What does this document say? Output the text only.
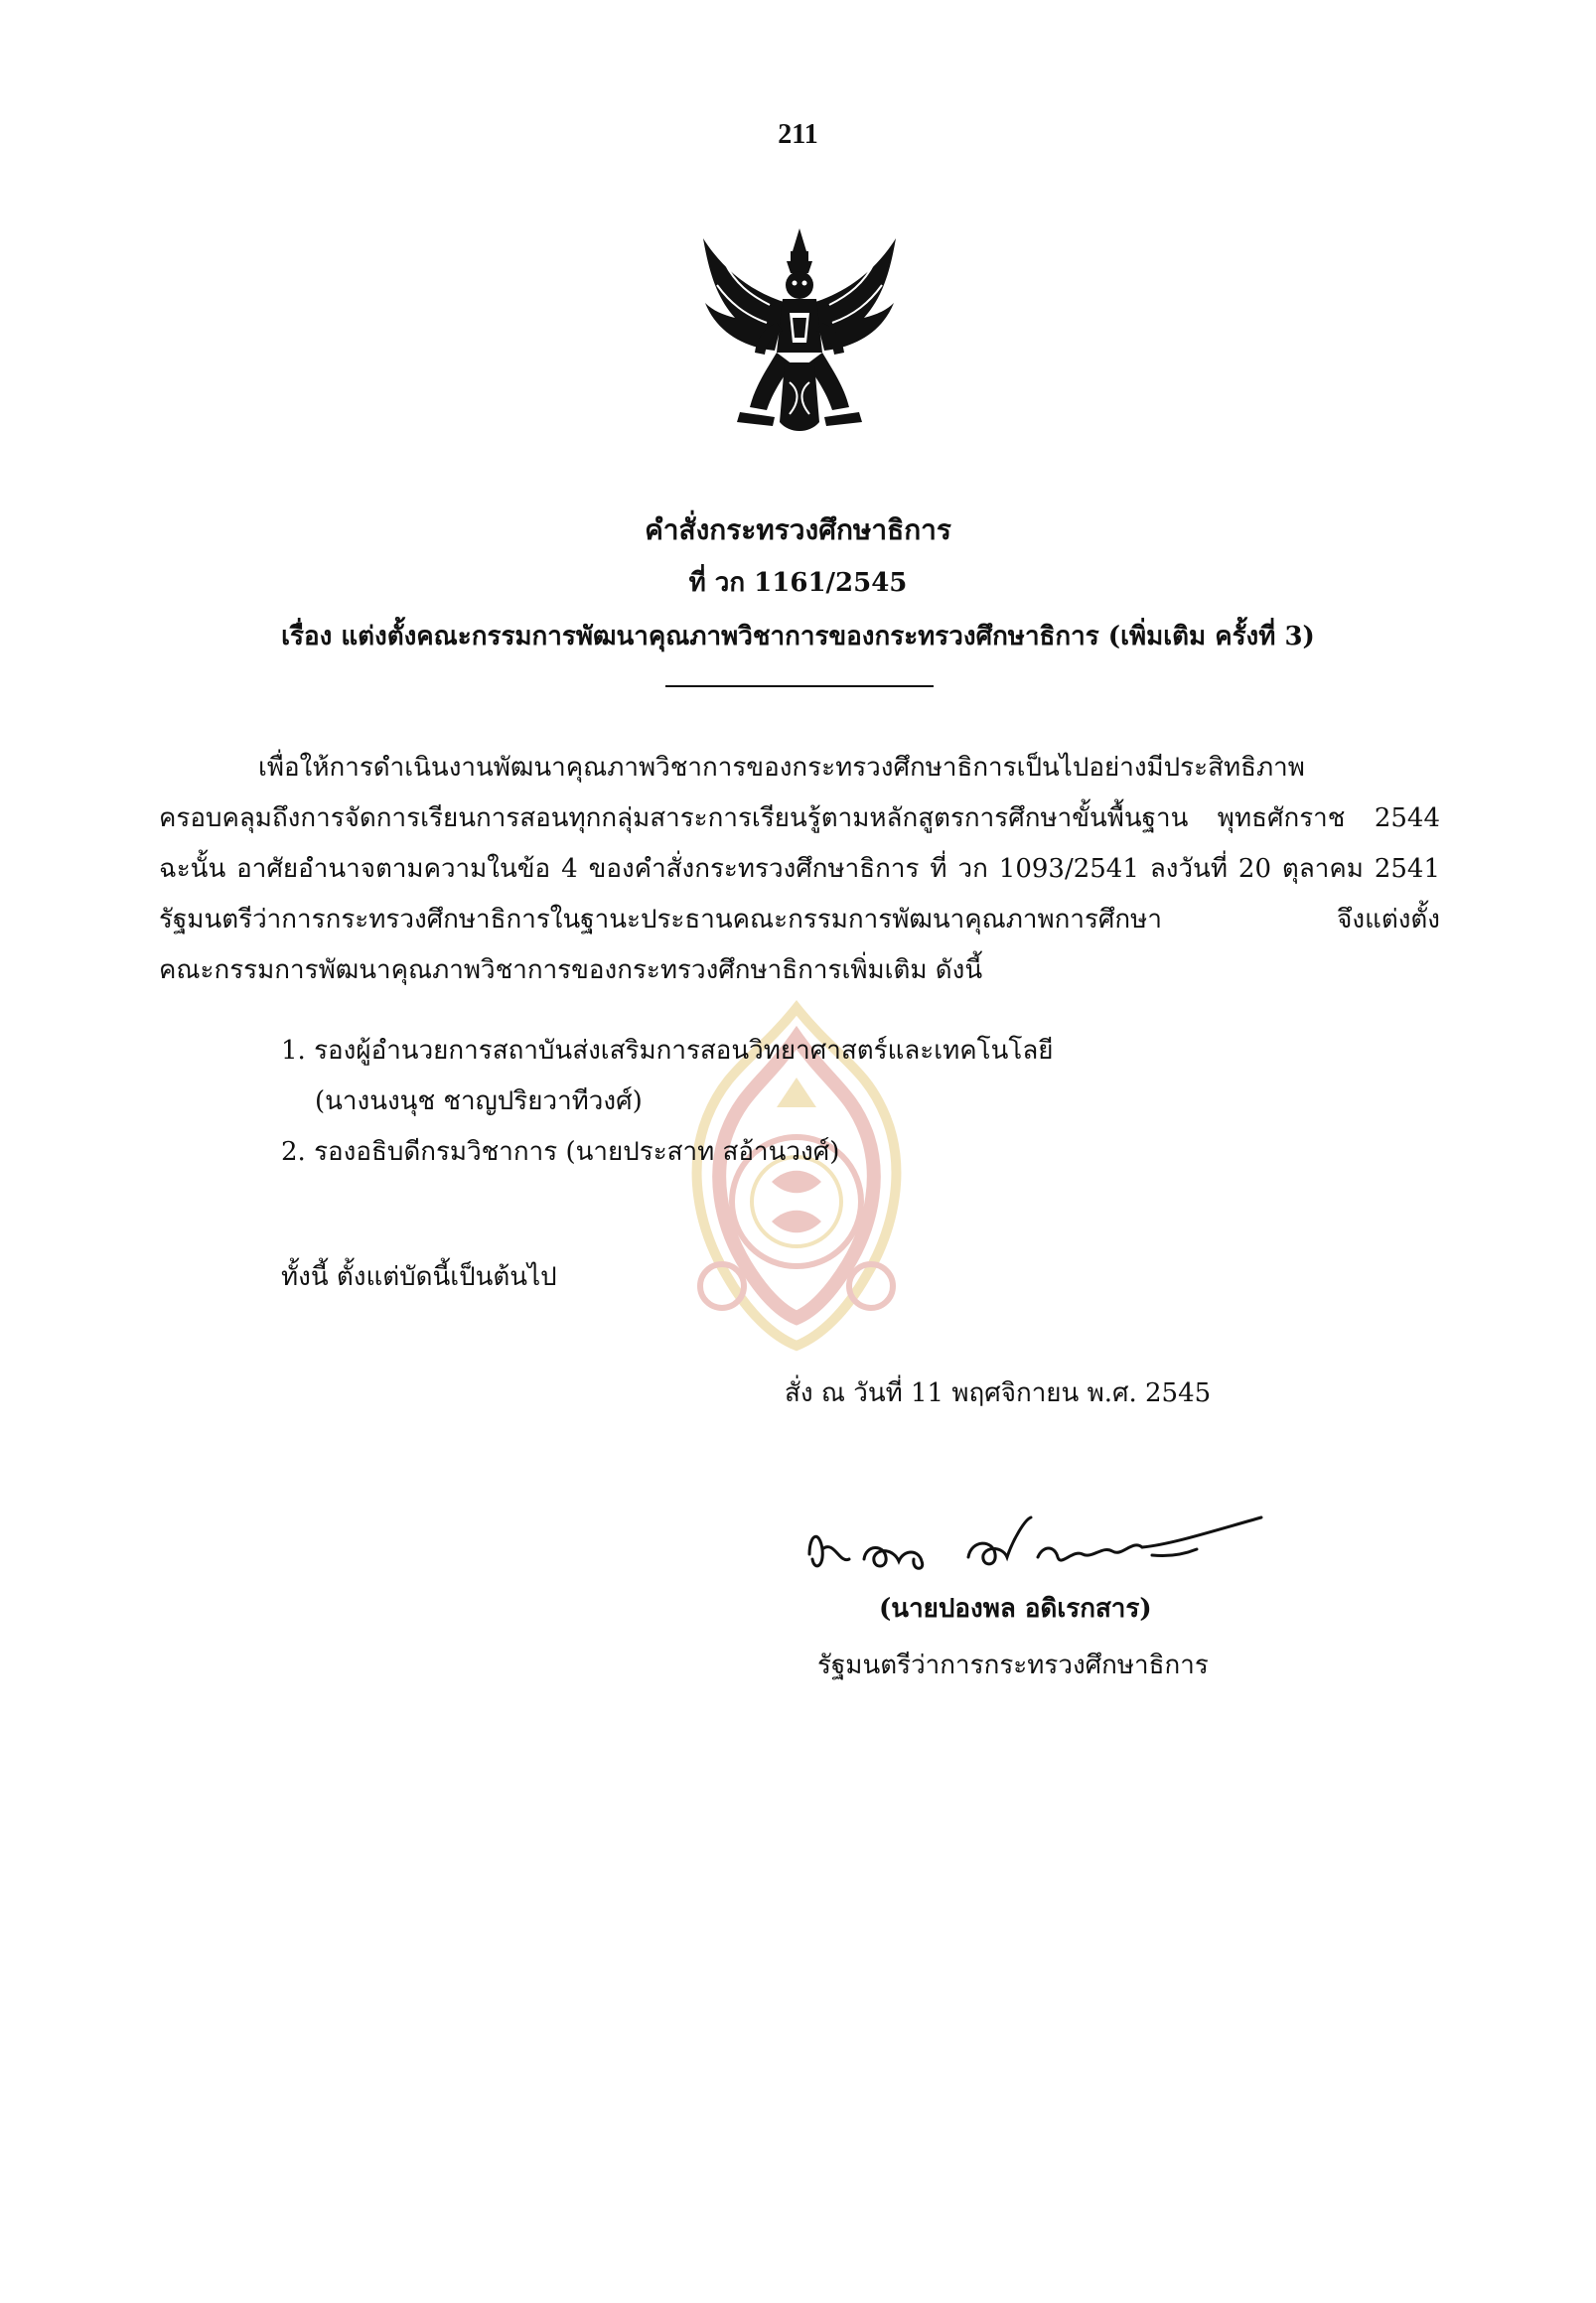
211
คำสั่งกระทรวงศึกษาธิการ
ที่ วก 1161/2545
เรื่อง แต่งตั้งคณะกรรมการพัฒนาคุณภาพวิชาการของกระทรวงศึกษาธิการ (เพิ่มเติม ครั้งที่ 3)
เพื่อให้การดำเนินงานพัฒนาคุณภาพวิชาการของกระทรวงศึกษาธิการเป็นไปอย่างมีประสิทธิภาพ
ครอบคลุมถึงการจัดการเรียนการสอนทุกกลุ่มสาระการเรียนรู้ตามหลักสูตรการศึกษาขั้นพื้นฐาน พุทธศักราช 2544
ฉะนั้น อาศัยอำนาจตามความในข้อ 4 ของคำสั่งกระทรวงศึกษาธิการ ที่ วก 1093/2541 ลงวันที่ 20 ตุลาคม 2541
รัฐมนตรีว่าการกระทรวงศึกษาธิการในฐานะประธานคณะกรรมการพัฒนาคุณภาพการศึกษา จึงแต่งตั้ง
คณะกรรมการพัฒนาคุณภาพวิชาการของกระทรวงศึกษาธิการเพิ่มเติม ดังนี้
1. รองผู้อำนวยการสถาบันส่งเสริมการสอนวิทยาศาสตร์และเทคโนโลยี
(นางนงนุช ชาญปริยวาทีวงศ์)
2. รองอธิบดีกรมวิชาการ (นายประสาท สอ้านวงศ์)
ทั้งนี้ ตั้งแต่บัดนี้เป็นต้นไป
สั่ง ณ วันที่ 11 พฤศจิกายน พ.ศ. 2545
(นายปองพล อดิเรกสาร)
รัฐมนตรีว่าการกระทรวงศึกษาธิการ
